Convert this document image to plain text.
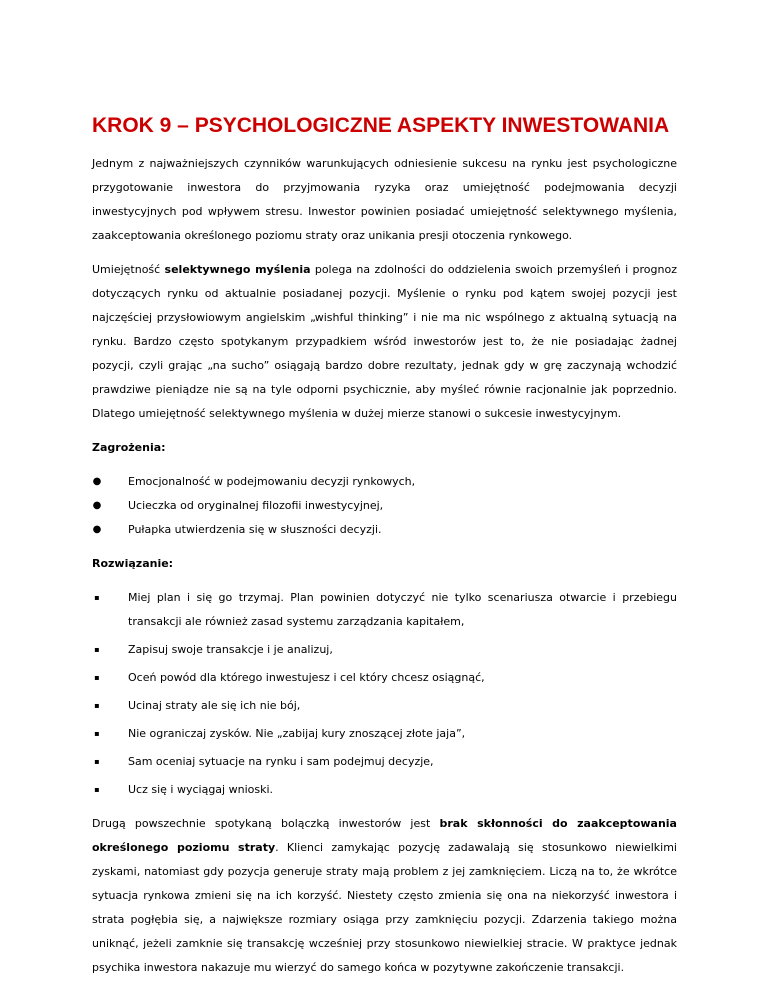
KROK 9 – PSYCHOLOGICZNE ASPEKTY INWESTOWANIA

Jednym z najważniejszych czynników warunkujących odniesienie sukcesu na rynku jest psychologiczne przygotowanie inwestora do przyjmowania ryzyka oraz umiejętność podejmowania decyzji inwestycyjnych pod wpływem stresu. Inwestor powinien posiadać umiejętność selektywnego myślenia, zaakceptowania określonego poziomu straty oraz unikania presji otoczenia rynkowego.

Umiejętność selektywnego myślenia polega na zdolności do oddzielenia swoich przemyśleń i prognoz dotyczących rynku od aktualnie posiadanej pozycji. Myślenie o rynku pod kątem swojej pozycji jest najczęściej przysłowiowym angielskim „wishful thinking” i nie ma nic wspólnego z aktualną sytuacją na rynku. Bardzo często spotykanym przypadkiem wśród inwestorów jest to, że nie posiadając żadnej pozycji, czyli grając „na sucho” osiągają bardzo dobre rezultaty, jednak gdy w grę zaczynają wchodzić prawdziwe pieniądze nie są na tyle odporni psychicznie, aby myśleć równie racjonalnie jak poprzednio. Dlatego umiejętność selektywnego myślenia w dużej mierze stanowi o sukcesie inwestycyjnym.

Zagrożenia:

● Emocjonalność w podejmowaniu decyzji rynkowych,
● Ucieczka od oryginalnej filozofii inwestycyjnej,
● Pułapka utwierdzenia się w słuszności decyzji.

Rozwiązanie:

▪	Miej plan i się go trzymaj. Plan powinien dotyczyć nie tylko scenariusza otwarcie i przebiegu transakcji ale również zasad systemu zarządzania kapitałem,
▪	Zapisuj swoje transakcje i je analizuj,
▪	Oceń powód dla którego inwestujesz i cel który chcesz osiągnąć,
▪	Ucinaj straty ale się ich nie bój,
▪	Nie ograniczaj zysków. Nie „zabijaj kury znoszącej złote jaja”,
▪	Sam oceniaj sytuacje na rynku i sam podejmuj decyzje,
▪	Ucz się i wyciągaj wnioski.

Drugą powszechnie spotykaną bolączką inwestorów jest brak skłonności do zaakceptowania określonego poziomu straty. Klienci zamykając pozycję zadawalają się stosunkowo niewielkimi zyskami, natomiast gdy pozycja generuje straty mają problem z jej zamknięciem. Liczą na to, że wkrótce sytuacja rynkowa zmieni się na ich korzyść. Niestety często zmienia się ona na niekorzyść inwestora i strata pogłębia się, a największe rozmiary osiąga przy zamknięciu pozycji. Zdarzenia takiego można uniknąć, jeżeli zamknie się transakcję wcześniej przy stosunkowo niewielkiej stracie. W praktyce jednak psychika inwestora nakazuje mu wierzyć do samego końca w pozytywne zakończenie transakcji.
